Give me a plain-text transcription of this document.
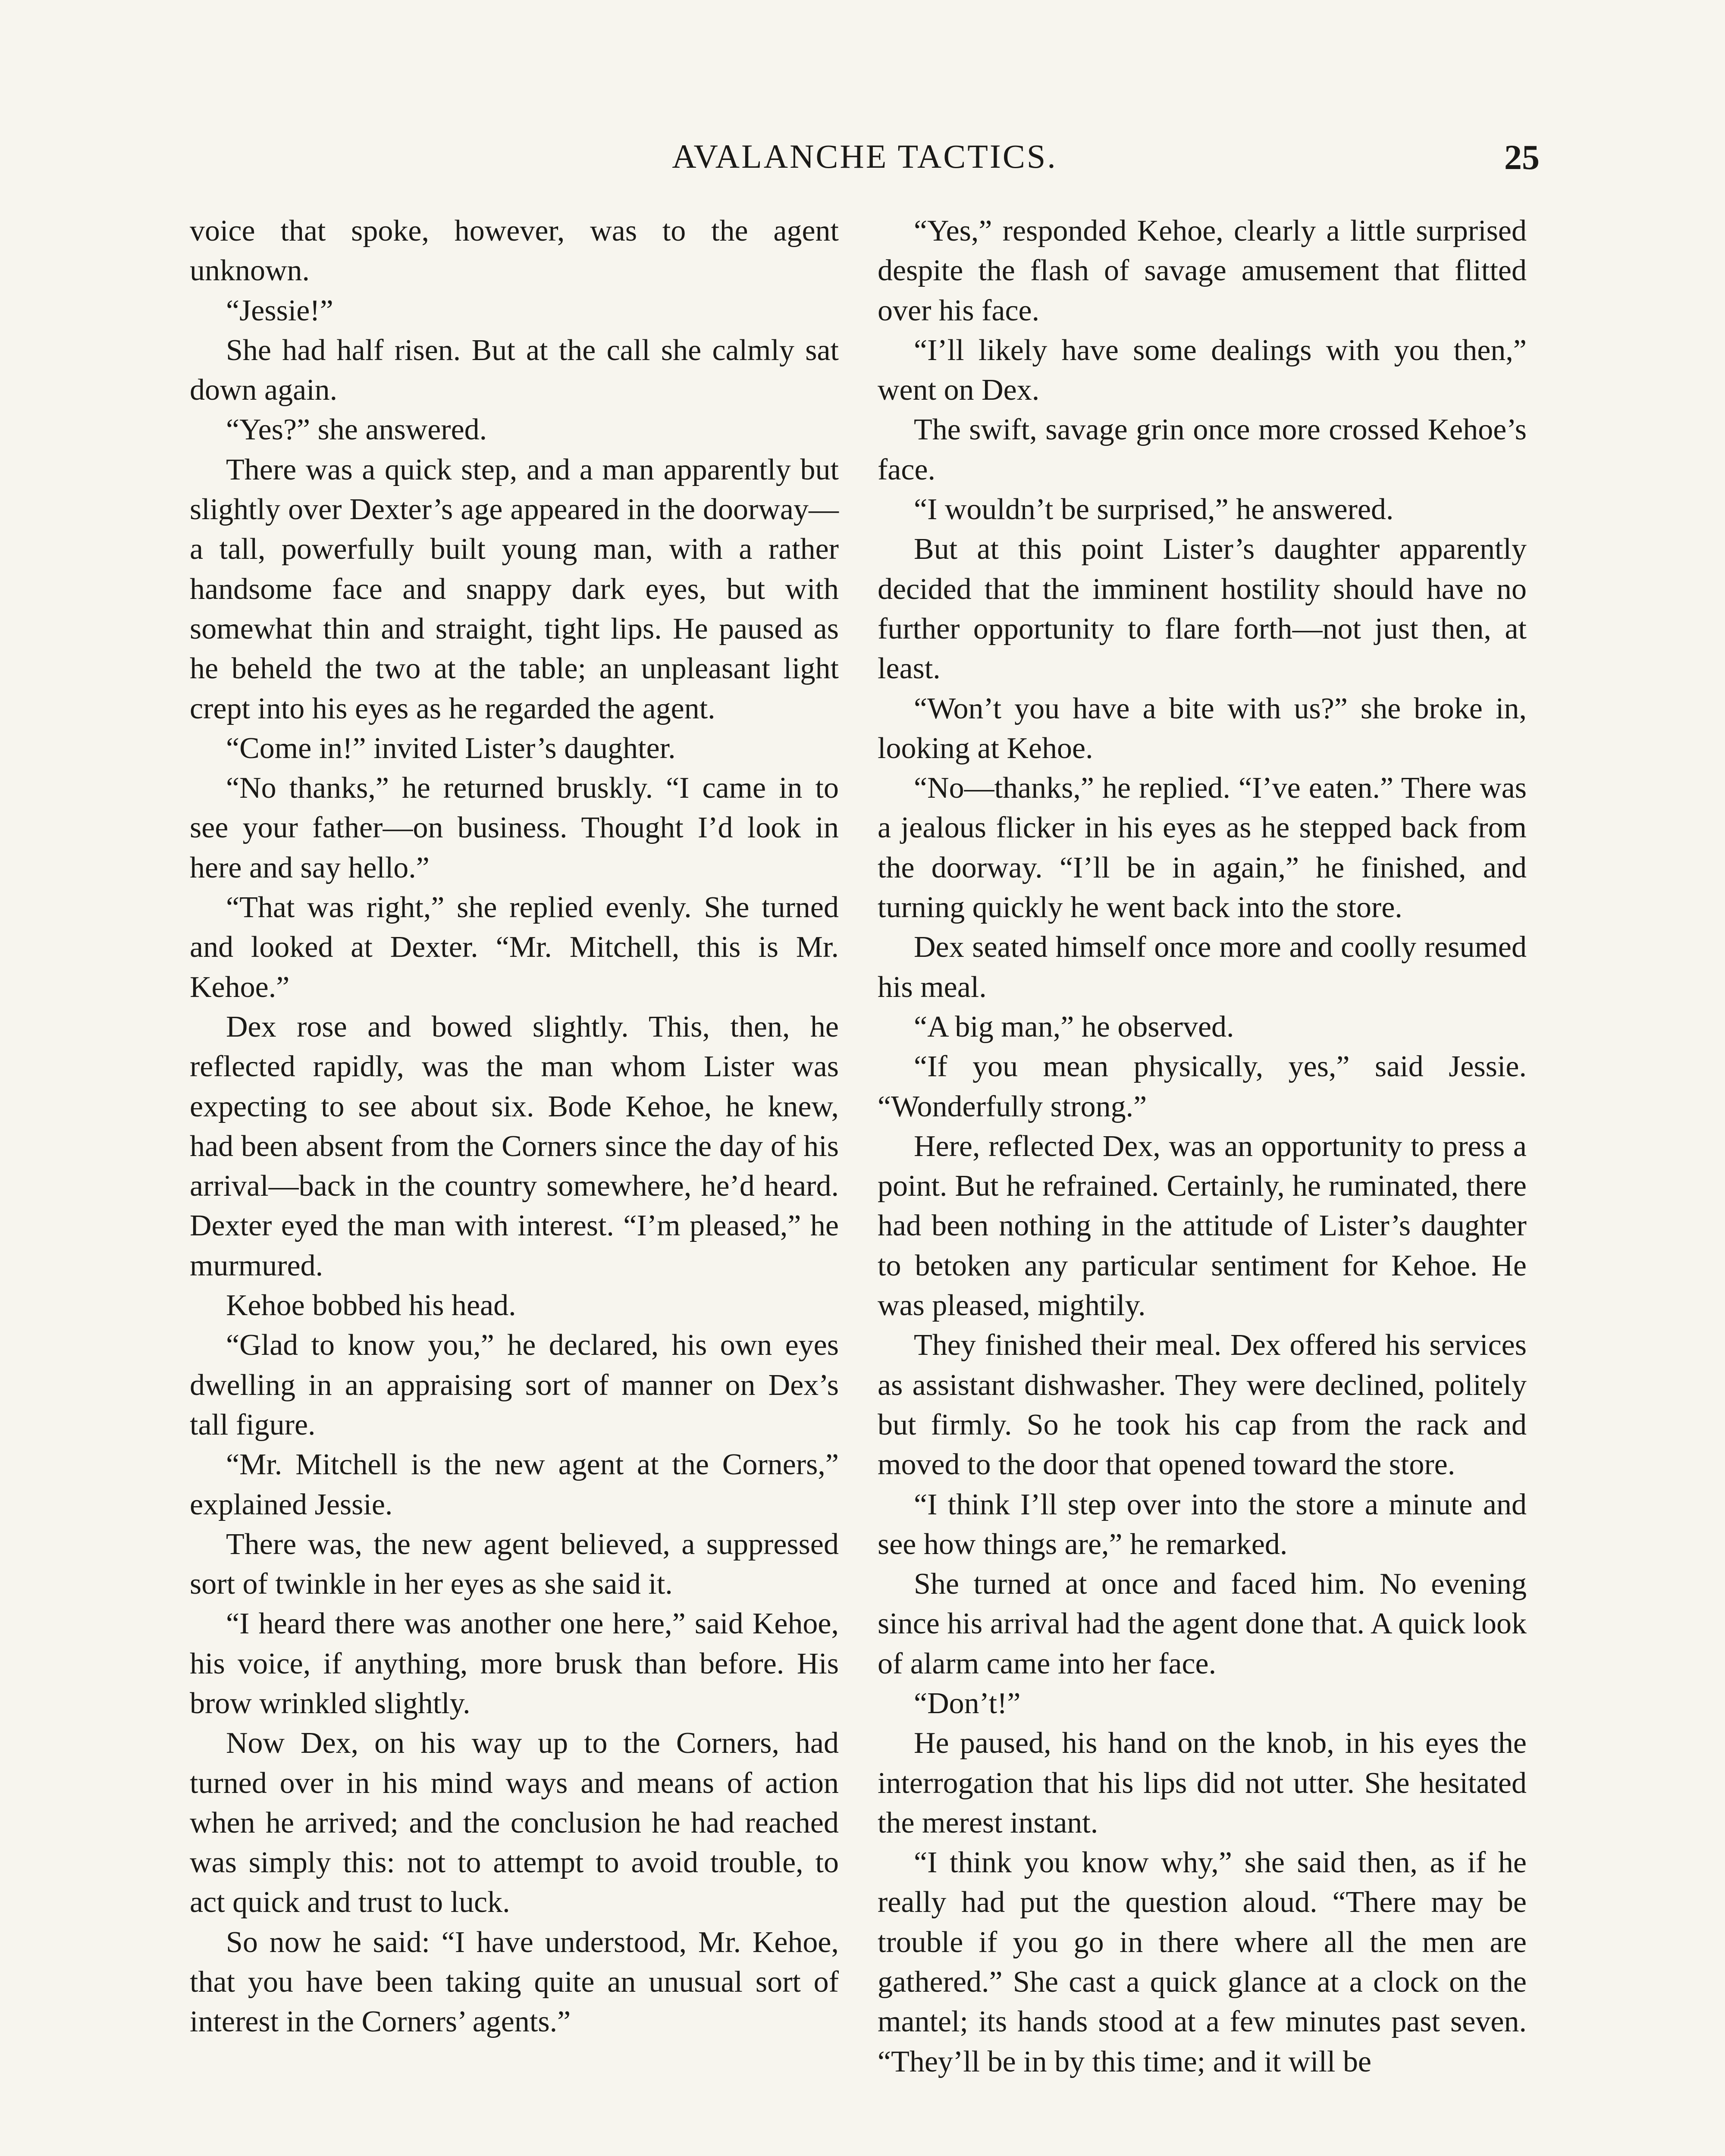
AVALANCHE TACTICS.	25

voice that spoke, however, was to the agent unknown.

“Jessie!”

She had half risen. But at the call she calmly sat down again.

“Yes?” she answered.

There was a quick step, and a man apparently but slightly over Dexter’s age appeared in the doorway—a tall, powerfully built young man, with a rather handsome face and snappy dark eyes, but with somewhat thin and straight, tight lips. He paused as he beheld the two at the table; an unpleasant light crept into his eyes as he regarded the agent.

“Come in!” invited Lister’s daughter.

“No thanks,” he returned bruskly. “I came in to see your father—on business. Thought I’d look in here and say hello.”

“That was right,” she replied evenly. She turned and looked at Dexter. “Mr. Mitchell, this is Mr. Kehoe.”

Dex rose and bowed slightly. This, then, he reflected rapidly, was the man whom Lister was expecting to see about six. Bode Kehoe, he knew, had been absent from the Corners since the day of his arrival—back in the country somewhere, he’d heard. Dexter eyed the man with interest. “I’m pleased,” he murmured.

Kehoe bobbed his head.

“Glad to know you,” he declared, his own eyes dwelling in an appraising sort of manner on Dex’s tall figure.

“Mr. Mitchell is the new agent at the Corners,” explained Jessie.

There was, the new agent believed, a suppressed sort of twinkle in her eyes as she said it.

“I heard there was another one here,” said Kehoe, his voice, if anything, more brusk than before. His brow wrinkled slightly.

Now Dex, on his way up to the Corners, had turned over in his mind ways and means of action when he arrived; and the conclusion he had reached was simply this: not to attempt to avoid trouble, to act quick and trust to luck.

So now he said: “I have understood, Mr. Kehoe, that you have been taking quite an unusual sort of interest in the Corners’ agents.”

“Yes,” responded Kehoe, clearly a little surprised despite the flash of savage amusement that flitted over his face.

“I’ll likely have some dealings with you then,” went on Dex.

The swift, savage grin once more crossed Kehoe’s face.

“I wouldn’t be surprised,” he answered.

But at this point Lister’s daughter apparently decided that the imminent hostility should have no further opportunity to flare forth—not just then, at least.

“Won’t you have a bite with us?” she broke in, looking at Kehoe.

“No—thanks,” he replied. “I’ve eaten.” There was a jealous flicker in his eyes as he stepped back from the doorway. “I’ll be in again,” he finished, and turning quickly he went back into the store.

Dex seated himself once more and coolly resumed his meal.

“A big man,” he observed.

“If you mean physically, yes,” said Jessie. “Wonderfully strong.”

Here, reflected Dex, was an opportunity to press a point. But he refrained. Certainly, he ruminated, there had been nothing in the attitude of Lister’s daughter to betoken any particular sentiment for Kehoe. He was pleased, mightily.

They finished their meal. Dex offered his services as assistant dishwasher. They were declined, politely but firmly. So he took his cap from the rack and moved to the door that opened toward the store.

“I think I’ll step over into the store a minute and see how things are,” he remarked.

She turned at once and faced him. No evening since his arrival had the agent done that. A quick look of alarm came into her face.

“Don’t!”

He paused, his hand on the knob, in his eyes the interrogation that his lips did not utter. She hesitated the merest instant.

“I think you know why,” she said then, as if he really had put the question aloud. “There may be trouble if you go in there where all the men are gathered.” She cast a quick glance at a clock on the mantel; its hands stood at a few minutes past seven. “They’ll be in by this time; and it will be
